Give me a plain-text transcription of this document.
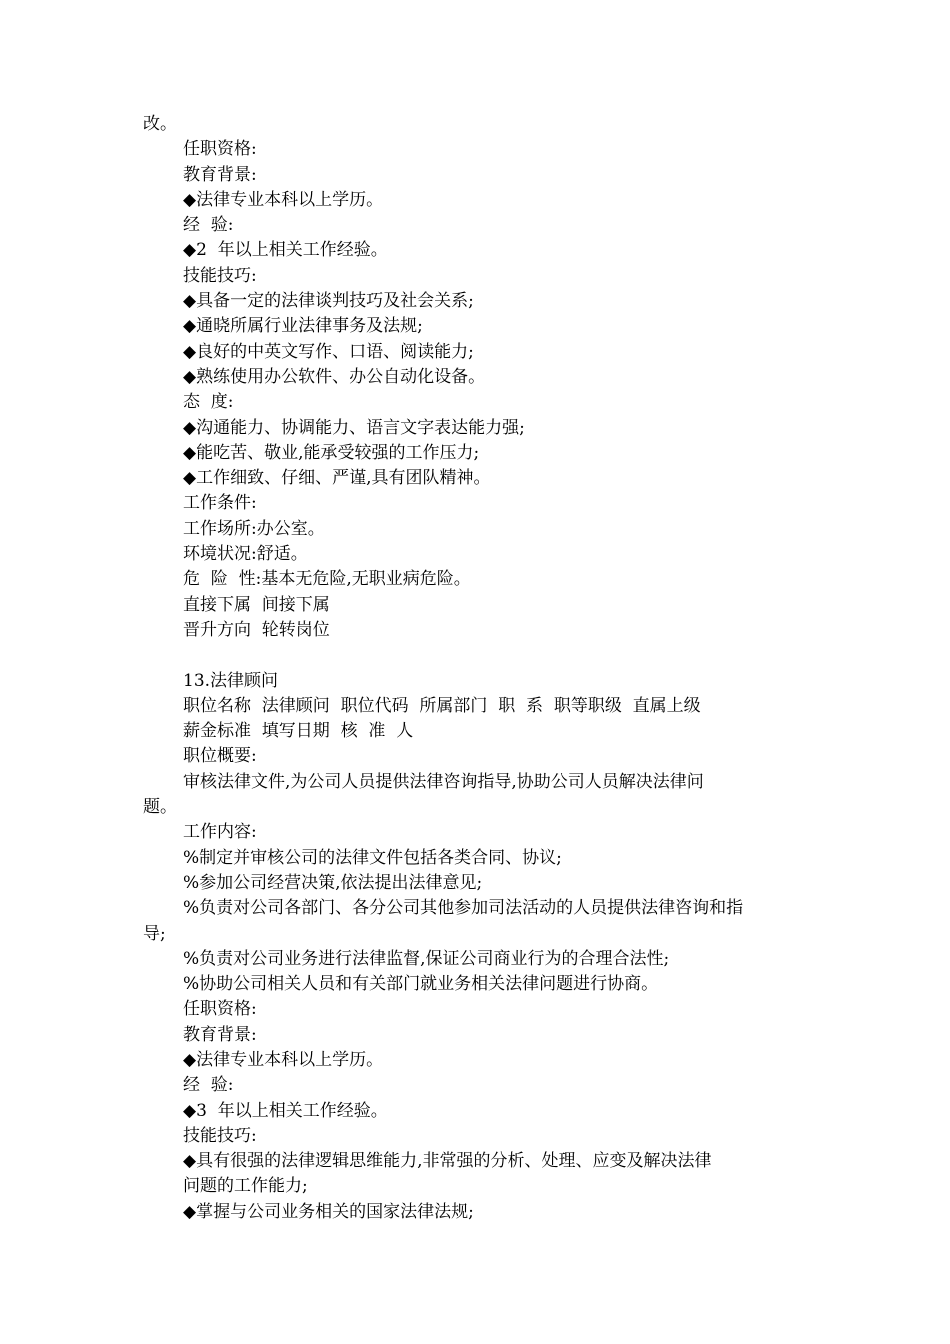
改。
任职资格:
教育背景:
◆法律专业本科以上学历。
经  验:
◆2  年以上相关工作经验。
技能技巧:
◆具备一定的法律谈判技巧及社会关系;
◆通晓所属行业法律事务及法规;
◆良好的中英文写作、口语、阅读能力;
◆熟练使用办公软件、办公自动化设备。
态  度:
◆沟通能力、协调能力、语言文字表达能力强;
◆能吃苦、敬业,能承受较强的工作压力;
◆工作细致、仔细、严谨,具有团队精神。
工作条件:
工作场所:办公室。
环境状况:舒适。
危  险  性:基本无危险,无职业病危险。
直接下属  间接下属
晋升方向  轮转岗位
13.法律顾问
职位名称  法律顾问  职位代码  所属部门  职  系  职等职级  直属上级
薪金标准  填写日期  核  准  人
职位概要:
审核法律文件,为公司人员提供法律咨询指导,协助公司人员解决法律问
题。
工作内容:
%制定并审核公司的法律文件包括各类合同、协议;
%参加公司经营决策,依法提出法律意见;
%负责对公司各部门、各分公司其他参加司法活动的人员提供法律咨询和指
导;
%负责对公司业务进行法律监督,保证公司商业行为的合理合法性;
%协助公司相关人员和有关部门就业务相关法律问题进行协商。
任职资格:
教育背景:
◆法律专业本科以上学历。
经  验:
◆3  年以上相关工作经验。
技能技巧:
◆具有很强的法律逻辑思维能力,非常强的分析、处理、应变及解决法律
问题的工作能力;
◆掌握与公司业务相关的国家法律法规;
